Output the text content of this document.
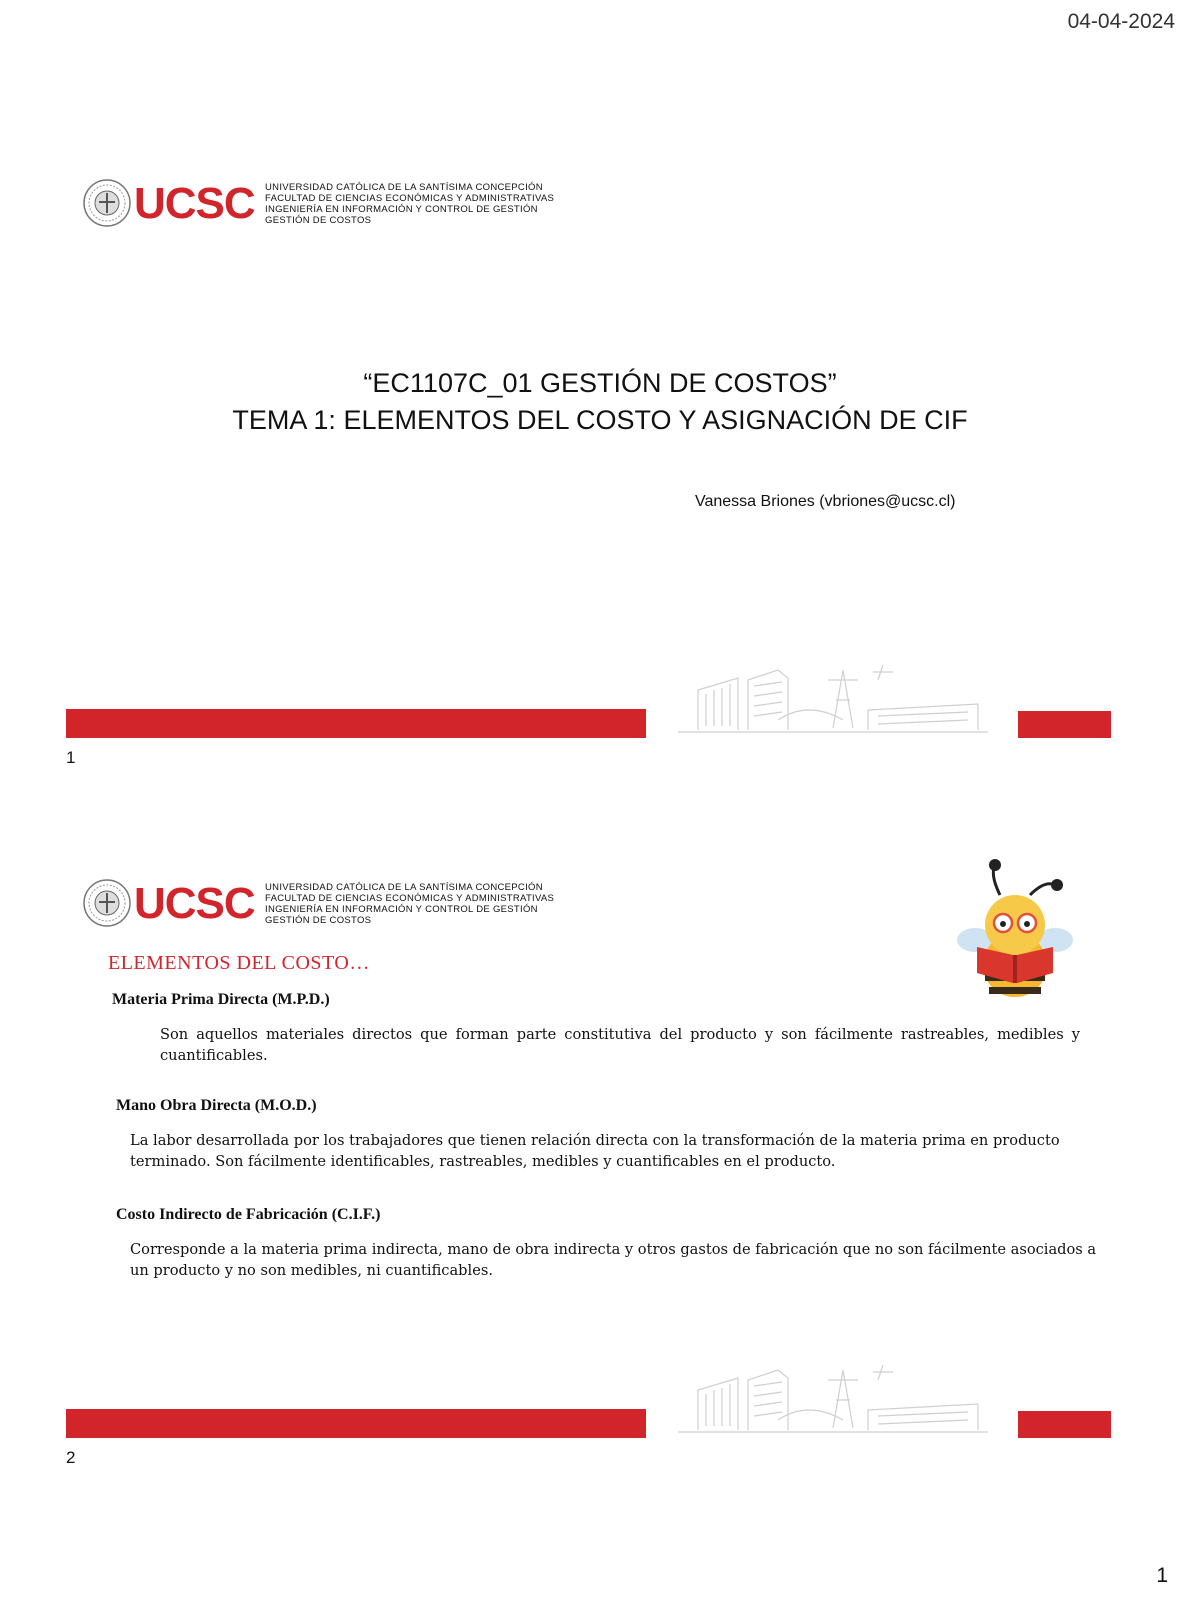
04-04-2024
UCSC UNIVERSIDAD CATÓLICA DE LA SANTÍSIMA CONCEPCIÓN
FACULTAD DE CIENCIAS ECONÓMICAS Y ADMINISTRATIVAS
INGENIERÍA EN INFORMACIÓN Y CONTROL DE GESTIÓN
GESTIÓN DE COSTOS
“EC1107C_01 GESTIÓN DE COSTOS”
TEMA 1: ELEMENTOS DEL COSTO Y ASIGNACIÓN DE CIF
Vanessa Briones (vbriones@ucsc.cl)
1
UCSC UNIVERSIDAD CATÓLICA DE LA SANTÍSIMA CONCEPCIÓN
FACULTAD DE CIENCIAS ECONÓMICAS Y ADMINISTRATIVAS
INGENIERÍA EN INFORMACIÓN Y CONTROL DE GESTIÓN
GESTIÓN DE COSTOS
ELEMENTOS DEL COSTO…
Materia Prima Directa (M.P.D.)
Son aquellos materiales directos que forman parte constitutiva del producto y son fácilmente rastreables, medibles y cuantificables.
Mano Obra Directa (M.O.D.)
La labor desarrollada por los trabajadores que tienen relación directa con la transformación de la materia prima en producto terminado. Son fácilmente identificables, rastreables, medibles y cuantificables en el producto.
Costo Indirecto de Fabricación (C.I.F.)
Corresponde a la materia prima indirecta, mano de obra indirecta y otros gastos de fabricación que no son fácilmente asociados a un producto y no son medibles, ni cuantificables.
2
1
